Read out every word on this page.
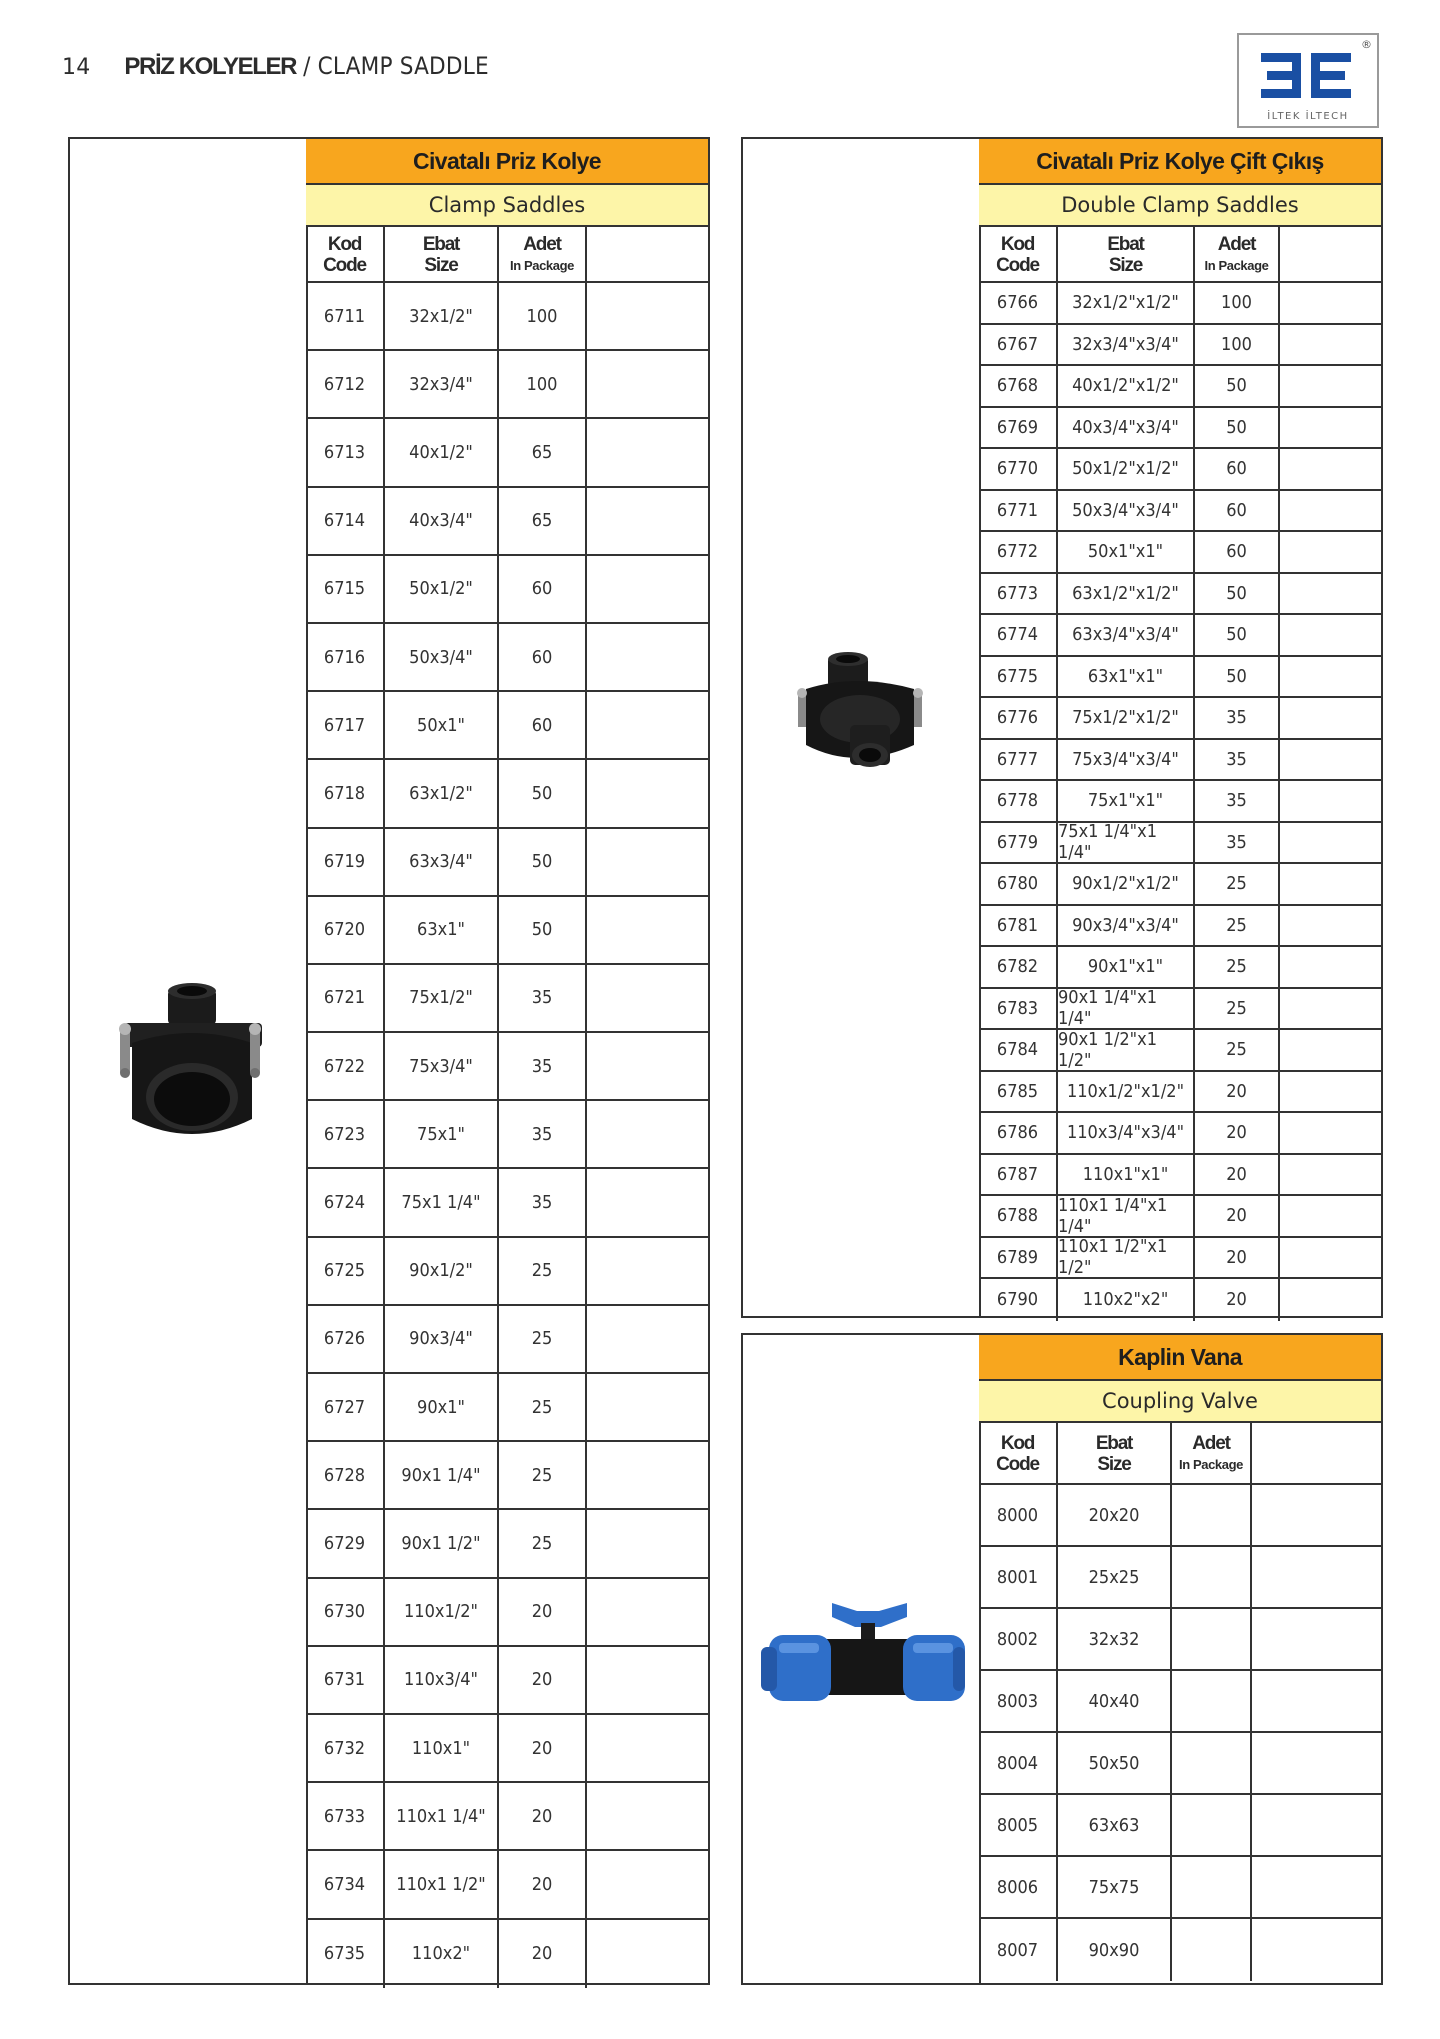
14 PRİZ KOLYELER / CLAMP SADDLE
®
İLTEK İLTECH
Civatalı Priz Kolye
Clamp Saddles
Kod
Code
Ebat
Size
Adet
In Package
6711	32x1/2"	100
6712	32x3/4"	100
6713	40x1/2"	65
6714	40x3/4"	65
6715	50x1/2"	60
6716	50x3/4"	60
6717	50x1"	60
6718	63x1/2"	50
6719	63x3/4"	50
6720	63x1"	50
6721	75x1/2"	35
6722	75x3/4"	35
6723	75x1"	35
6724	75x1 1/4"	35
6725	90x1/2"	25
6726	90x3/4"	25
6727	90x1"	25
6728	90x1 1/4"	25
6729	90x1 1/2"	25
6730	110x1/2"	20
6731	110x3/4"	20
6732	110x1"	20
6733	110x1 1/4"	20
6734	110x1 1/2"	20
6735	110x2"	20
Civatalı Priz Kolye Çift Çıkış
Double Clamp Saddles
Kod
Code
Ebat
Size
Adet
In Package
6766	32x1/2"x1/2"	100
6767	32x3/4"x3/4"	100
6768	40x1/2"x1/2"	50
6769	40x3/4"x3/4"	50
6770	50x1/2"x1/2"	60
6771	50x3/4"x3/4"	60
6772	50x1"x1"	60
6773	63x1/2"x1/2"	50
6774	63x3/4"x3/4"	50
6775	63x1"x1"	50
6776	75x1/2"x1/2"	35
6777	75x3/4"x3/4"	35
6778	75x1"x1"	35
6779	75x1 1/4"x1 1/4"	35
6780	90x1/2"x1/2"	25
6781	90x3/4"x3/4"	25
6782	90x1"x1"	25
6783	90x1 1/4"x1 1/4"	25
6784	90x1 1/2"x1 1/2"	25
6785	110x1/2"x1/2"	20
6786	110x3/4"x3/4"	20
6787	110x1"x1"	20
6788	110x1 1/4"x1 1/4"	20
6789	110x1 1/2"x1 1/2"	20
6790	110x2"x2"	20
Kaplin Vana
Coupling Valve
Kod
Code
Ebat
Size
Adet
In Package
8000	20x20
8001	25x25
8002	32x32
8003	40x40
8004	50x50
8005	63x63
8006	75x75
8007	90x90
